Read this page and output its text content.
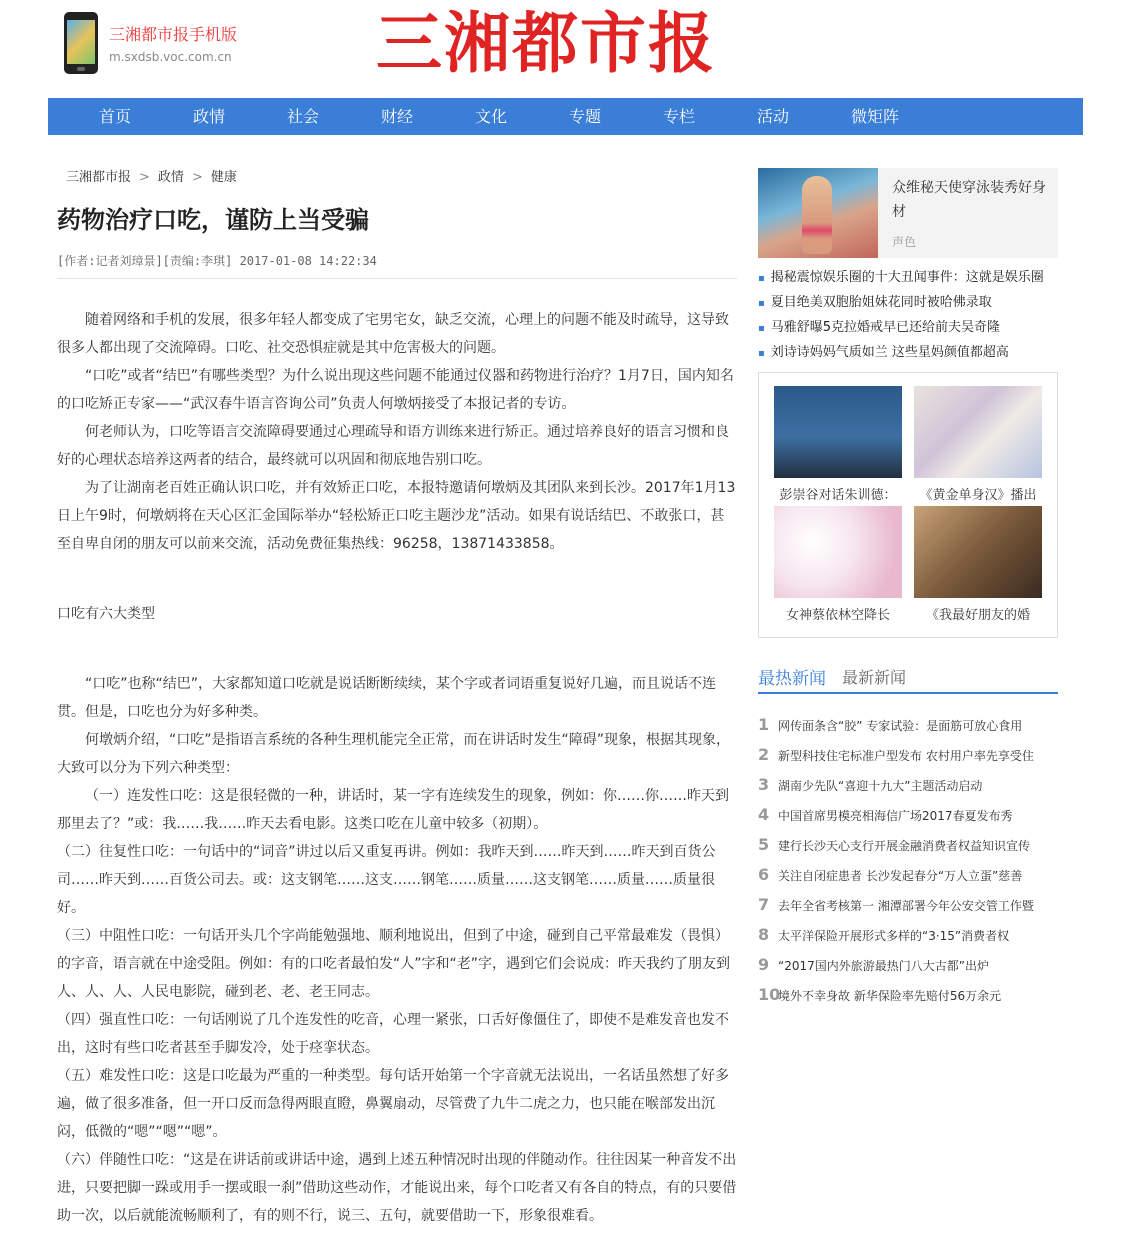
三湘都市报手机版
m.sxdsb.voc.com.cn 三湘都市报
首页	政情	社会	财经	文化	专题	专栏	活动	微矩阵
三湘都市报 > 政情 > 健康
药物治疗口吃，谨防上当受骗
[作者:记者刘璋景][责编:李琪] 2017-01-08 14:22:34

随着网络和手机的发展，很多年轻人都变成了宅男宅女，缺乏交流，心理上的问题不能及时疏导，这导致很多人都出现了交流障碍。口吃、社交恐惧症就是其中危害极大的问题。

“口吃”或者“结巴”有哪些类型？为什么说出现这些问题不能通过仪器和药物进行治疗？1月7日，国内知名的口吃矫正专家——“武汉春牛语言咨询公司”负责人何墩炳接受了本报记者的专访。

何老师认为，口吃等语言交流障碍要通过心理疏导和语方训练来进行矫正。通过培养良好的语言习惯和良好的心理状态培养这两者的结合，最终就可以巩固和彻底地告别口吃。

为了让湖南老百姓正确认识口吃，并有效矫正口吃，本报特邀请何墩炳及其团队来到长沙。2017年1月13日上午9时，何墩炳将在天心区汇金国际举办“轻松矫正口吃主题沙龙”活动。如果有说话结巴、不敢张口，甚至自卑自闭的朋友可以前来交流，活动免费征集热线：96258，13871433858。

口吃有六大类型

“口吃”也称“结巴”，大家都知道口吃就是说话断断续续，某个字或者词语重复说好几遍，而且说话不连贯。但是，口吃也分为好多种类。

何墩炳介绍，“口吃”是指语言系统的各种生理机能完全正常，而在讲话时发生“障碍”现象，根据其现象，大致可以分为下列六种类型：

（一）连发性口吃：这是很轻微的一种，讲话时，某一字有连续发生的现象，例如：你……你……昨天到那里去了？”或：我……我……昨天去看电影。这类口吃在儿童中较多（初期）。

（二）往复性口吃：一句话中的“词音”讲过以后又重复再讲。例如：我昨天到……昨天到……昨天到百货公司……昨天到……百货公司去。或：这支钢笔……这支……钢笔……质量……这支钢笔……质量……质量很好。

（三）中阻性口吃：一句话开头几个字尚能勉强地、顺利地说出，但到了中途，碰到自己平常最难发（畏惧）的字音，语言就在中途受阻。例如：有的口吃者最怕发“人”字和“老”字，遇到它们会说成：昨天我约了朋友到人、人、人、人民电影院，碰到老、老、老王同志。

（四）强直性口吃：一句话刚说了几个连发性的吃音，心理一紧张，口舌好像僵住了，即使不是难发音也发不出，这时有些口吃者甚至手脚发冷，处于痉挛状态。

（五）难发性口吃：这是口吃最为严重的一种类型。每句话开始第一个字音就无法说出，一名话虽然想了好多遍，做了很多准备，但一开口反而急得两眼直瞪，鼻翼扇动，尽管费了九牛二虎之力，也只能在喉部发出沉闷，低微的“嗯”“嗯”“嗯”。

（六）伴随性口吃：“这是在讲话前或讲话中途，遇到上述五种情况时出现的伴随动作。往往因某一种音发不出进，只要把脚一跺或用手一摆或眼一刹”借助这些动作，才能说出来，每个口吃者又有各自的特点，有的只要借助一次，以后就能流畅顺利了，有的则不行，说三、五句，就要借助一下，形象很难看。

众维秘天使穿泳装秀好身材
声色
▪ 揭秘震惊娱乐圈的十大丑闻事件：这就是娱乐圈
▪ 夏目绝美双胞胎姐妹花同时被哈佛录取
▪ 马雅舒曝5克拉婚戒早已还给前夫吴奇隆
▪ 刘诗诗妈妈气质如兰 这些星妈颜值都超高
彭崇谷对话朱训德：	《黄金单身汉》播出
女神蔡依林空降长	《我最好朋友的婚
最热新闻 最新新闻
1 网传面条含“胶” 专家试验：是面筋可放心食用
2 新型科技住宅标准户型发布 农村用户率先享受住
3 湖南少先队“喜迎十九大”主题活动启动
4 中国首席男模亮相海信广场2017春夏发布秀
5 建行长沙天心支行开展金融消费者权益知识宣传
6 关注自闭症患者 长沙发起春分“万人立蛋”慈善
7 去年全省考核第一 湘潭部署今年公安交管工作暨
8 太平洋保险开展形式多样的“3·15”消费者权
9 “2017国内外旅游最热门八大古都”出炉
10境外不幸身故 新华保险率先赔付56万余元
